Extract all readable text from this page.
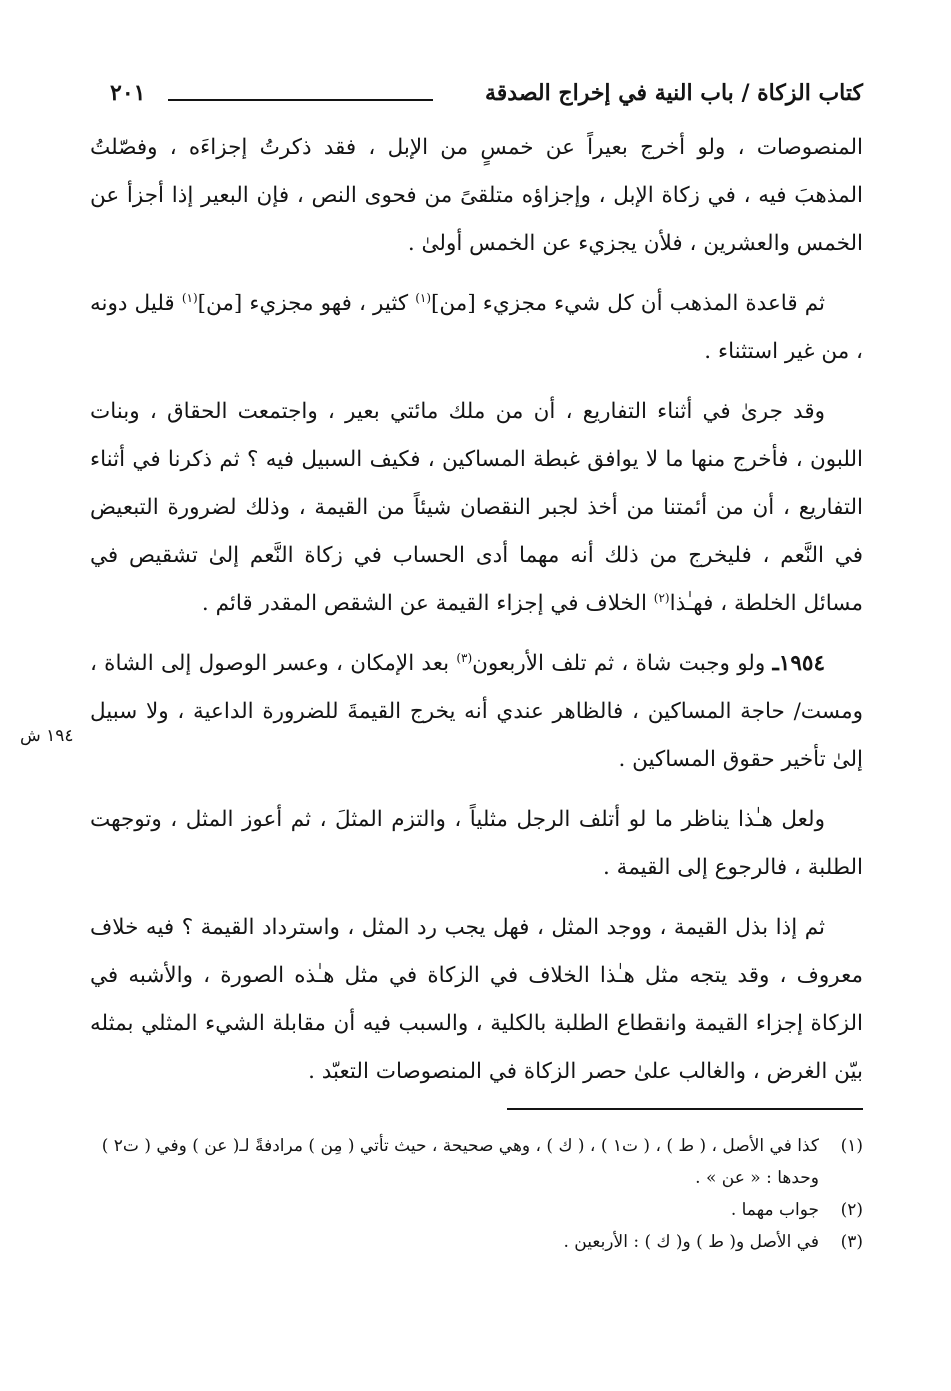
كتاب الزكاة / باب النية في إخراج الصدقة
٢٠١

المنصوصات ، ولو أخرج بعيراً عن خمسٍ من الإبل ، فقد ذكرتُ إجزاءَه ، وفصّلتُ المذهبَ فيه ، في زكاة الإبل ، وإجزاؤه متلقىً من فحوى النص ، فإن البعير إذا أجزأ عن الخمس والعشرين ، فلأن يجزيء عن الخمس أولىٰ .

ثم قاعدة المذهب أن كل شيء مجزيء [من]$^{(١)}$ كثير ، فهو مجزيء [من]$^{(١)}$ قليل دونه ، من غير استثناء .

وقد جرىٰ في أثناء التفاريع ، أن من ملك مائتي بعير ، واجتمعت الحقاق ، وبنات اللبون ، فأخرج منها ما لا يوافق غبطة المساكين ، فكيف السبيل فيه ؟ ثم ذكرنا في أثناء التفاريع ، أن من أئمتنا من أخذ لجبر النقصان شيئاً من القيمة ، وذلك لضرورة التبعيض في النَّعم ، فليخرج من ذلك أنه مهما أدى الحساب في زكاة النَّعم إلىٰ تشقيص في مسائل الخلطة ، فهـٰذا$^{(٢)}$ الخلاف في إجزاء القيمة عن الشقص المقدر قائم .

١٩٥٤ـ ولو وجبت شاة ، ثم تلف الأربعون$^{(٣)}$ بعد الإمكان ، وعسر الوصول إلى الشاة ، ومست/ حاجة المساكين ، فالظاهر عندي أنه يخرج القيمةَ للضرورة الداعية ، ولا سبيل إلىٰ تأخير حقوق المساكين .

ولعل هـٰذا يناظر ما لو أتلف الرجل مثلياً ، والتزم المثلَ ، ثم أعوز المثل ، وتوجهت الطلبة ، فالرجوع إلى القيمة .

ثم إذا بذل القيمة ، ووجد المثل ، فهل يجب رد المثل ، واسترداد القيمة ؟ فيه خلاف معروف ، وقد يتجه مثل هـٰذا الخلاف في الزكاة في مثل هـٰذه الصورة ، والأشبه في الزكاة إجزاء القيمة وانقطاع الطلبة بالكلية ، والسبب فيه أن مقابلة الشيء المثلي بمثله بيّن الغرض ، والغالب علىٰ حصر الزكاة في المنصوصات التعبّد .

١٩٤ ش
(١)
كذا في الأصل ، ( ط ) ، ( ت١ ) ، ( ك ) ، وهي صحيحة ، حيث تأتي ( مِن ) مرادفةً لـ( عن ) وفي ( ت٢ ) وحدها : « عن » .
(٢)
جواب مهما .
(٣)
في الأصل و( ط ) و( ك ) : الأربعين .
